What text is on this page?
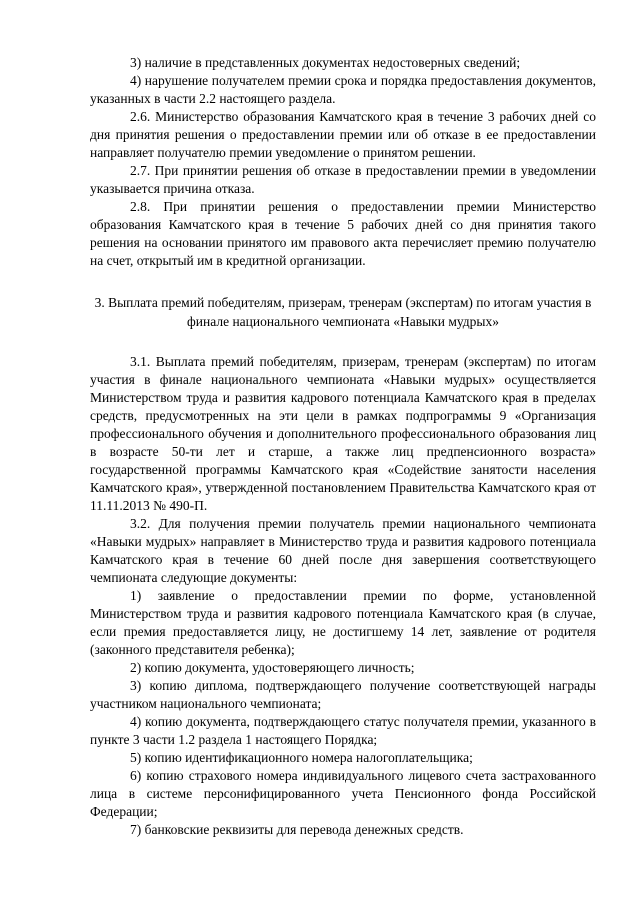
3) наличие в представленных документах недостоверных сведений;

4) нарушение получателем премии срока и порядка предоставления документов, указанных в части 2.2 настоящего раздела.

2.6. Министерство образования Камчатского края в течение 3 рабочих дней со дня принятия решения о предоставлении премии или об отказе в ее предоставлении направляет получателю премии уведомление о принятом решении.

2.7. При принятии решения об отказе в предоставлении премии в уведомлении указывается причина отказа.

2.8. При принятии решения о предоставлении премии Министерство образования Камчатского края в течение 5 рабочих дней со дня принятия такого решения на основании принятого им правового акта перечисляет премию получателю на счет, открытый им в кредитной организации.

3. Выплата премий победителям, призерам, тренерам (экспертам) по итогам участия в финале национального чемпионата «Навыки мудрых»

3.1. Выплата премий победителям, призерам, тренерам (экспертам) по итогам участия в финале национального чемпионата «Навыки мудрых» осуществляется Министерством труда и развития кадрового потенциала Камчатского края в пределах средств, предусмотренных на эти цели в рамках подпрограммы 9 «Организация профессионального обучения и дополнительного профессионального образования лиц в возрасте 50-ти лет и старше, а также лиц предпенсионного возраста» государственной программы Камчатского края «Содействие занятости населения Камчатского края», утвержденной постановлением Правительства Камчатского края от 11.11.2013 № 490-П.

3.2. Для получения премии получатель премии национального чемпионата «Навыки мудрых» направляет в Министерство труда и развития кадрового потенциала Камчатского края в течение 60 дней после дня завершения соответствующего чемпионата следующие документы:

1) заявление о предоставлении премии по форме, установленной Министерством труда и развития кадрового потенциала Камчатского края (в случае, если премия предоставляется лицу, не достигшему 14 лет, заявление от родителя (законного представителя ребенка);

2) копию документа, удостоверяющего личность;

3) копию диплома, подтверждающего получение соответствующей награды участником национального чемпионата;

4) копию документа, подтверждающего статус получателя премии, указанного в пункте 3 части 1.2 раздела 1 настоящего Порядка;

5) копию идентификационного номера налогоплательщика;

6) копию страхового номера индивидуального лицевого счета застрахованного лица в системе персонифицированного учета Пенсионного фонда Российской Федерации;

7) банковские реквизиты для перевода денежных средств.
